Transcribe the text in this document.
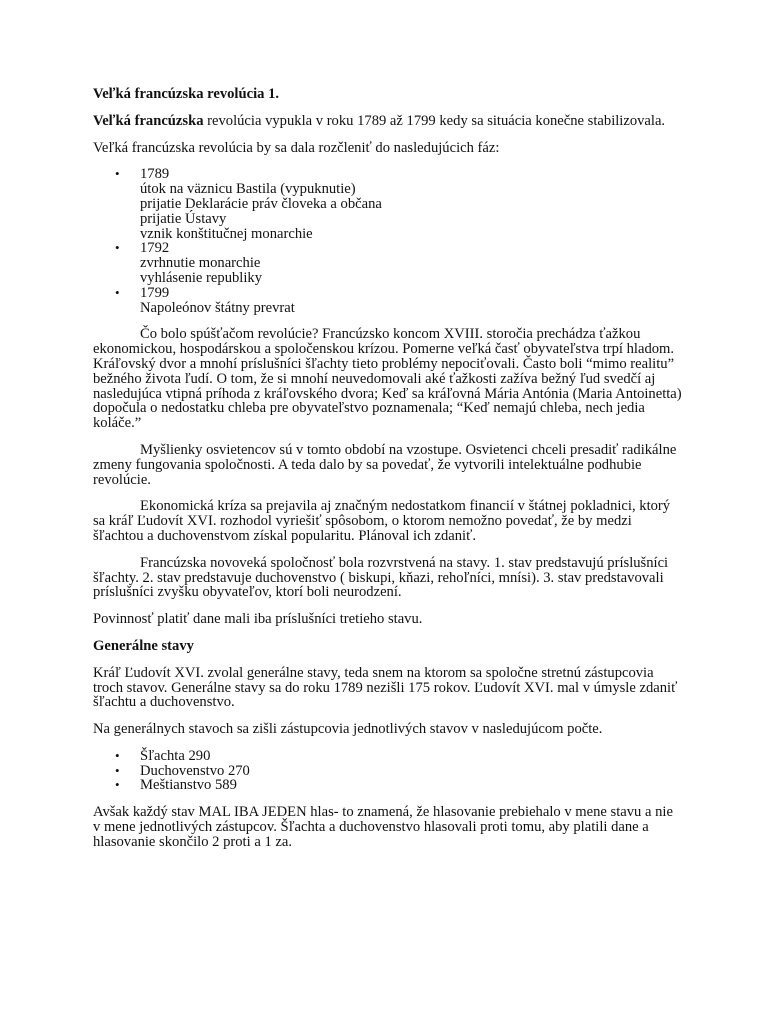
Veľká francúzska revolúcia 1.

Veľká francúzska revolúcia vypukla v roku 1789 až 1799 kedy sa situácia konečne stabilizovala.

Veľká francúzska revolúcia by sa dala rozčleniť do nasledujúcich fáz:

• 1789
útok na väznicu Bastila (vypuknutie)
prijatie Deklarácie práv človeka a občana
prijatie Ústavy
vznik konštitučnej monarchie
• 1792
zvrhnutie monarchie
vyhlásenie republiky
• 1799
Napoleónov štátny prevrat

Čo bolo spúšťačom revolúcie? Francúzsko koncom XVIII. storočia prechádza ťažkou ekonomickou, hospodárskou a spoločenskou krízou. Pomerne veľká časť obyvateľstva trpí hladom. Kráľovský dvor a mnohí príslušníci šľachty tieto problémy nepociťovali. Často boli “mimo realitu” bežného života ľudí. O tom, že si mnohí neuvedomovali aké ťažkosti zažíva bežný ľud svedčí aj nasledujúca vtipná príhoda z kráľovského dvora; Keď sa kráľovná Mária Antónia (Maria Antoinetta) dopočula o nedostatku chleba pre obyvateľstvo poznamenala; “Keď nemajú chleba, nech jedia koláče.”

Myšlienky osvietencov sú v tomto období na vzostupe. Osvietenci chceli presadiť radikálne zmeny fungovania spoločnosti. A teda dalo by sa povedať, že vytvorili intelektuálne podhubie revolúcie.

Ekonomická kríza sa prejavila aj značným nedostatkom financií v štátnej pokladnici, ktorý sa kráľ Ľudovít XVI. rozhodol vyriešiť spôsobom, o ktorom nemožno povedať, že by medzi šľachtou a duchovenstvom získal popularitu. Plánoval ich zdaniť.

Francúzska novoveká spoločnosť bola rozvrstvená na stavy. 1. stav predstavujú príslušníci šľachty. 2. stav predstavuje duchovenstvo ( biskupi, kňazi, rehoľníci, mnísi). 3. stav predstavovali príslušníci zvyšku obyvateľov, ktorí boli neurodzení.

Povinnosť platiť dane mali iba príslušníci tretieho stavu.

Generálne stavy

Kráľ Ľudovít XVI. zvolal generálne stavy, teda snem na ktorom sa spoločne stretnú zástupcovia troch stavov. Generálne stavy sa do roku 1789 nezišli 175 rokov. Ľudovít XVI. mal v úmysle zdaniť šľachtu a duchovenstvo.

Na generálnych stavoch sa zišli zástupcovia jednotlivých stavov v nasledujúcom počte.

• Šľachta 290
• Duchovenstvo 270
• Meštianstvo 589

Avšak každý stav MAL IBA JEDEN hlas- to znamená, že hlasovanie prebiehalo v mene stavu a nie v mene jednotlivých zástupcov. Šľachta a duchovenstvo hlasovali proti tomu, aby platili dane a hlasovanie skončilo 2 proti a 1 za.
